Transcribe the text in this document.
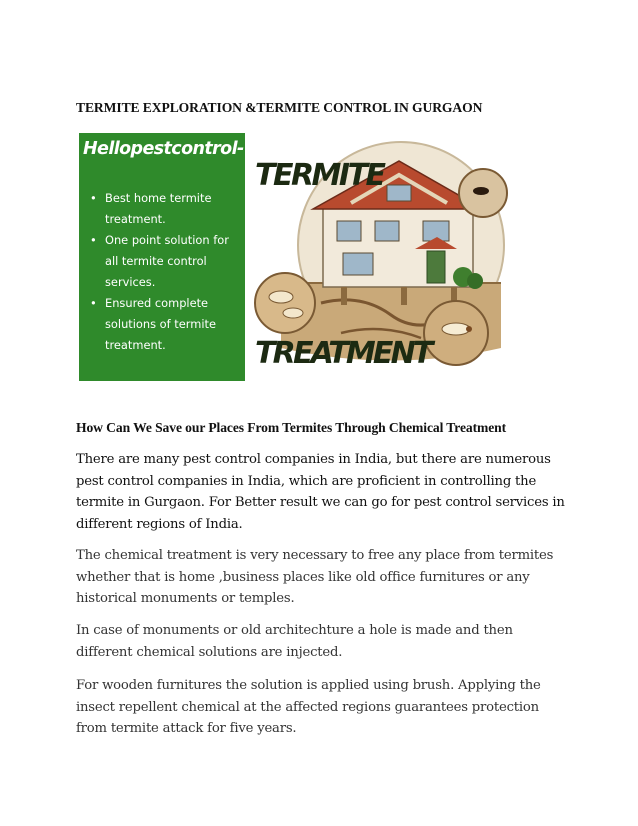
TERMITE EXPLORATION &TERMITE CONTROL IN GURGAON
Hellopestcontrol-
• Best home termite treatment.
• One point solution for all termite control services.
• Ensured complete solutions of termite treatment.
TERMITE
TREATMENT
How Can We Save our Places From Termites Through Chemical Treatment

There are many pest control companies in India, but there are numerous pest control companies in India, which are proficient in controlling the termite in Gurgaon. For Better result we can go for pest control services in different regions of India.

The chemical treatment is very necessary to free any place from termites whether that is home ,business places like old office furnitures or any historical monuments or temples.

In case of monuments or old architechture a hole is made and then different chemical solutions are injected.

For wooden furnitures the solution is applied using brush. Applying the insect repellent chemical at the affected regions guarantees protection from termite attack for five years.
